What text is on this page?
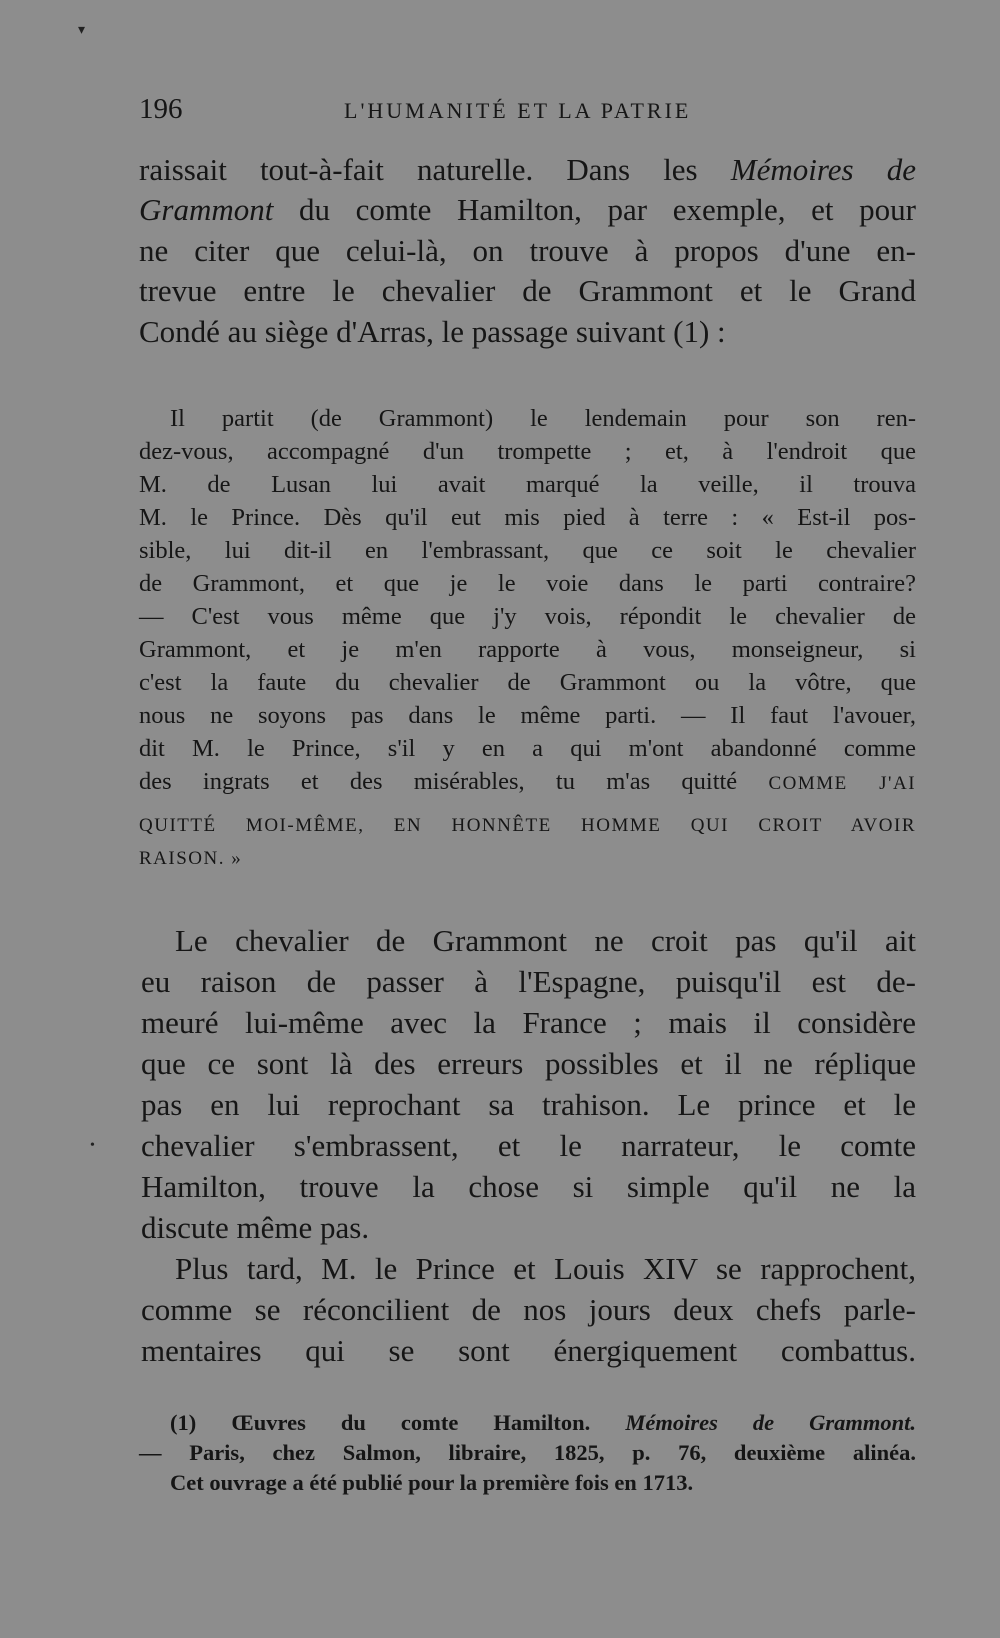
▾
196	L'HUMANITÉ ET LA PATRIE
raissait tout-à-fait naturelle. Dans les Mémoires de
Grammont du comte Hamilton, par exemple, et pour
ne citer que celui-là, on trouve à propos d'une en-
trevue entre le chevalier de Grammont et le Grand
Condé au siège d'Arras, le passage suivant (1) :
Il partit (de Grammont) le lendemain pour son ren-
dez-vous, accompagné d'un trompette ; et, à l'endroit que
M. de Lusan lui avait marqué la veille, il trouva
M. le Prince. Dès qu'il eut mis pied à terre : « Est-il pos-
sible, lui dit-il en l'embrassant, que ce soit le chevalier
de Grammont, et que je le voie dans le parti contraire?
— C'est vous même que j'y vois, répondit le chevalier de
Grammont, et je m'en rapporte à vous, monseigneur, si
c'est la faute du chevalier de Grammont ou la vôtre, que
nous ne soyons pas dans le même parti. — Il faut l'avouer,
dit M. le Prince, s'il y en a qui m'ont abandonné comme
des ingrats et des misérables, tu m'as quitté COMME J'AI
QUITTÉ MOI-MÊME, EN HONNÊTE HOMME QUI CROIT AVOIR
RAISON. »
Le chevalier de Grammont ne croit pas qu'il ait
eu raison de passer à l'Espagne, puisqu'il est de-
meuré lui-même avec la France ; mais il considère
que ce sont là des erreurs possibles et il ne réplique
pas en lui reprochant sa trahison. Le prince et le
chevalier s'embrassent, et le narrateur, le comte
Hamilton, trouve la chose si simple qu'il ne la
discute même pas.
•
Plus tard, M. le Prince et Louis XIV se rapprochent,
comme se réconcilient de nos jours deux chefs parle-
mentaires qui se sont énergiquement combattus.
(1) Œuvres du comte Hamilton. Mémoires de Grammont.
— Paris, chez Salmon, libraire, 1825, p. 76, deuxième alinéa.
Cet ouvrage a été publié pour la première fois en 1713.
